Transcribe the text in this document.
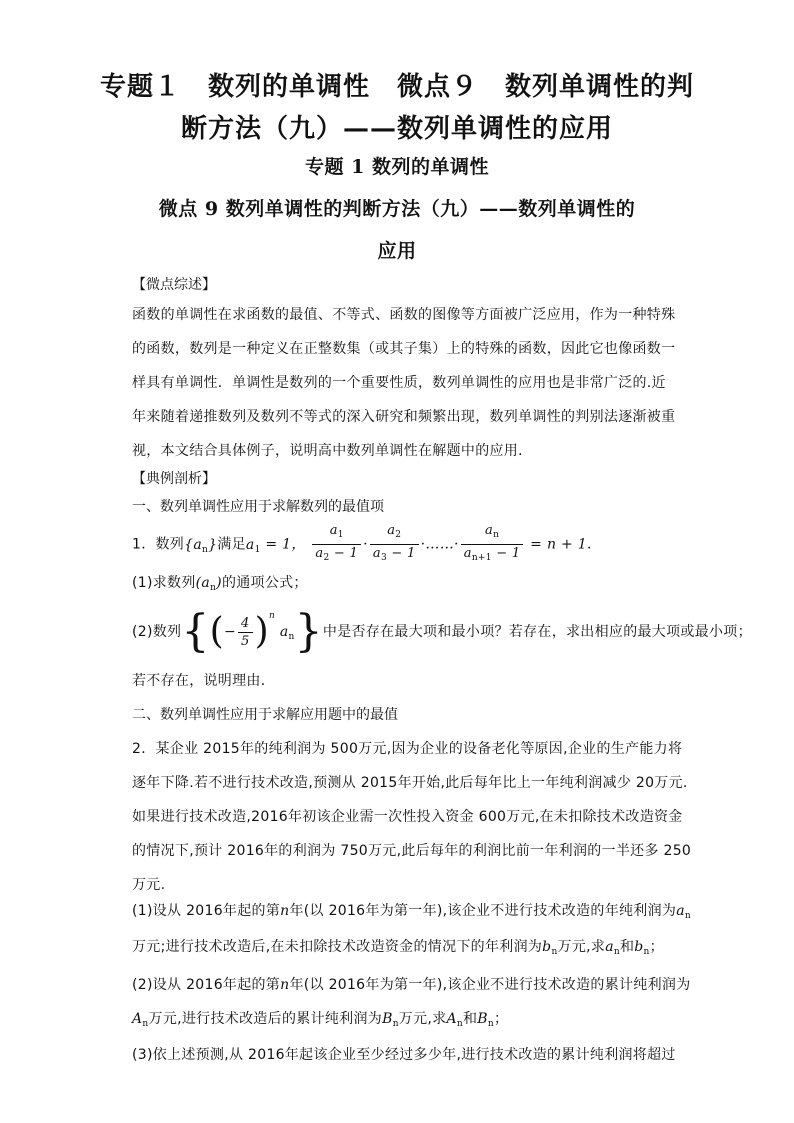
专题１　数列的单调性　微点９　数列单调性的判
断方法（九）——数列单调性的应用
专题 1 数列的单调性
微点 9 数列单调性的判断方法（九）——数列单调性的
应用
【微点综述】
函数的单调性在求函数的最值、不等式、函数的图像等方面被广泛应用，作为一种特殊
的函数，数列是一种定义在正整数集（或其子集）上的特殊的函数，因此它也像函数一
样具有单调性．单调性是数列的一个重要性质，数列单调性的应用也是非常广泛的.近
年来随着递推数列及数列不等式的深入研究和频繁出现，数列单调性的判别法逐渐被重
视，本文结合具体例子，说明高中数列单调性在解题中的应用．
【典例剖析】
一、数列单调性应用于求解数列的最值项
1．数列$\{a_n\}$满足$a_1 = 1$， $\frac{a_1}{a_2 - 1} \cdot \frac{a_2}{a_3 - 1}$ ·……· $\frac{a_n}{a_{n+1} - 1} = n + 1$．
(1)求数列$(a_n)$的通项公式；
(2)数列{(− $\frac{4}{5} )^n$ $a_n$}中是否存在最大项和最小项？若存在，求出相应的最大项或最小项；
若不存在，说明理由．
二、数列单调性应用于求解应用题中的最值
2．某企业 2015年的纯利润为 500万元,因为企业的设备老化等原因,企业的生产能力将
逐年下降.若不进行技术改造,预测从 2015年开始,此后每年比上一年纯利润减少 20万元.
如果进行技术改造,2016年初该企业需一次性投入资金 600万元,在未扣除技术改造资金
的情况下,预计 2016年的利润为 750万元,此后每年的利润比前一年利润的一半还多 250
万元.
(1)设从 2016年起的第n年(以 2016年为第一年),该企业不进行技术改造的年纯利润为$a_n$
万元;进行技术改造后,在未扣除技术改造资金的情况下的年利润为$b_n$万元,求$a_n$和$b_n$；
(2)设从 2016年起的第n年(以 2016年为第一年),该企业不进行技术改造的累计纯利润为
$A_n$万元,进行技术改造后的累计纯利润为$B_n$万元,求$A_n$和$B_n$；
(3)依上述预测,从 2016年起该企业至少经过多少年,进行技术改造的累计纯利润将超过
